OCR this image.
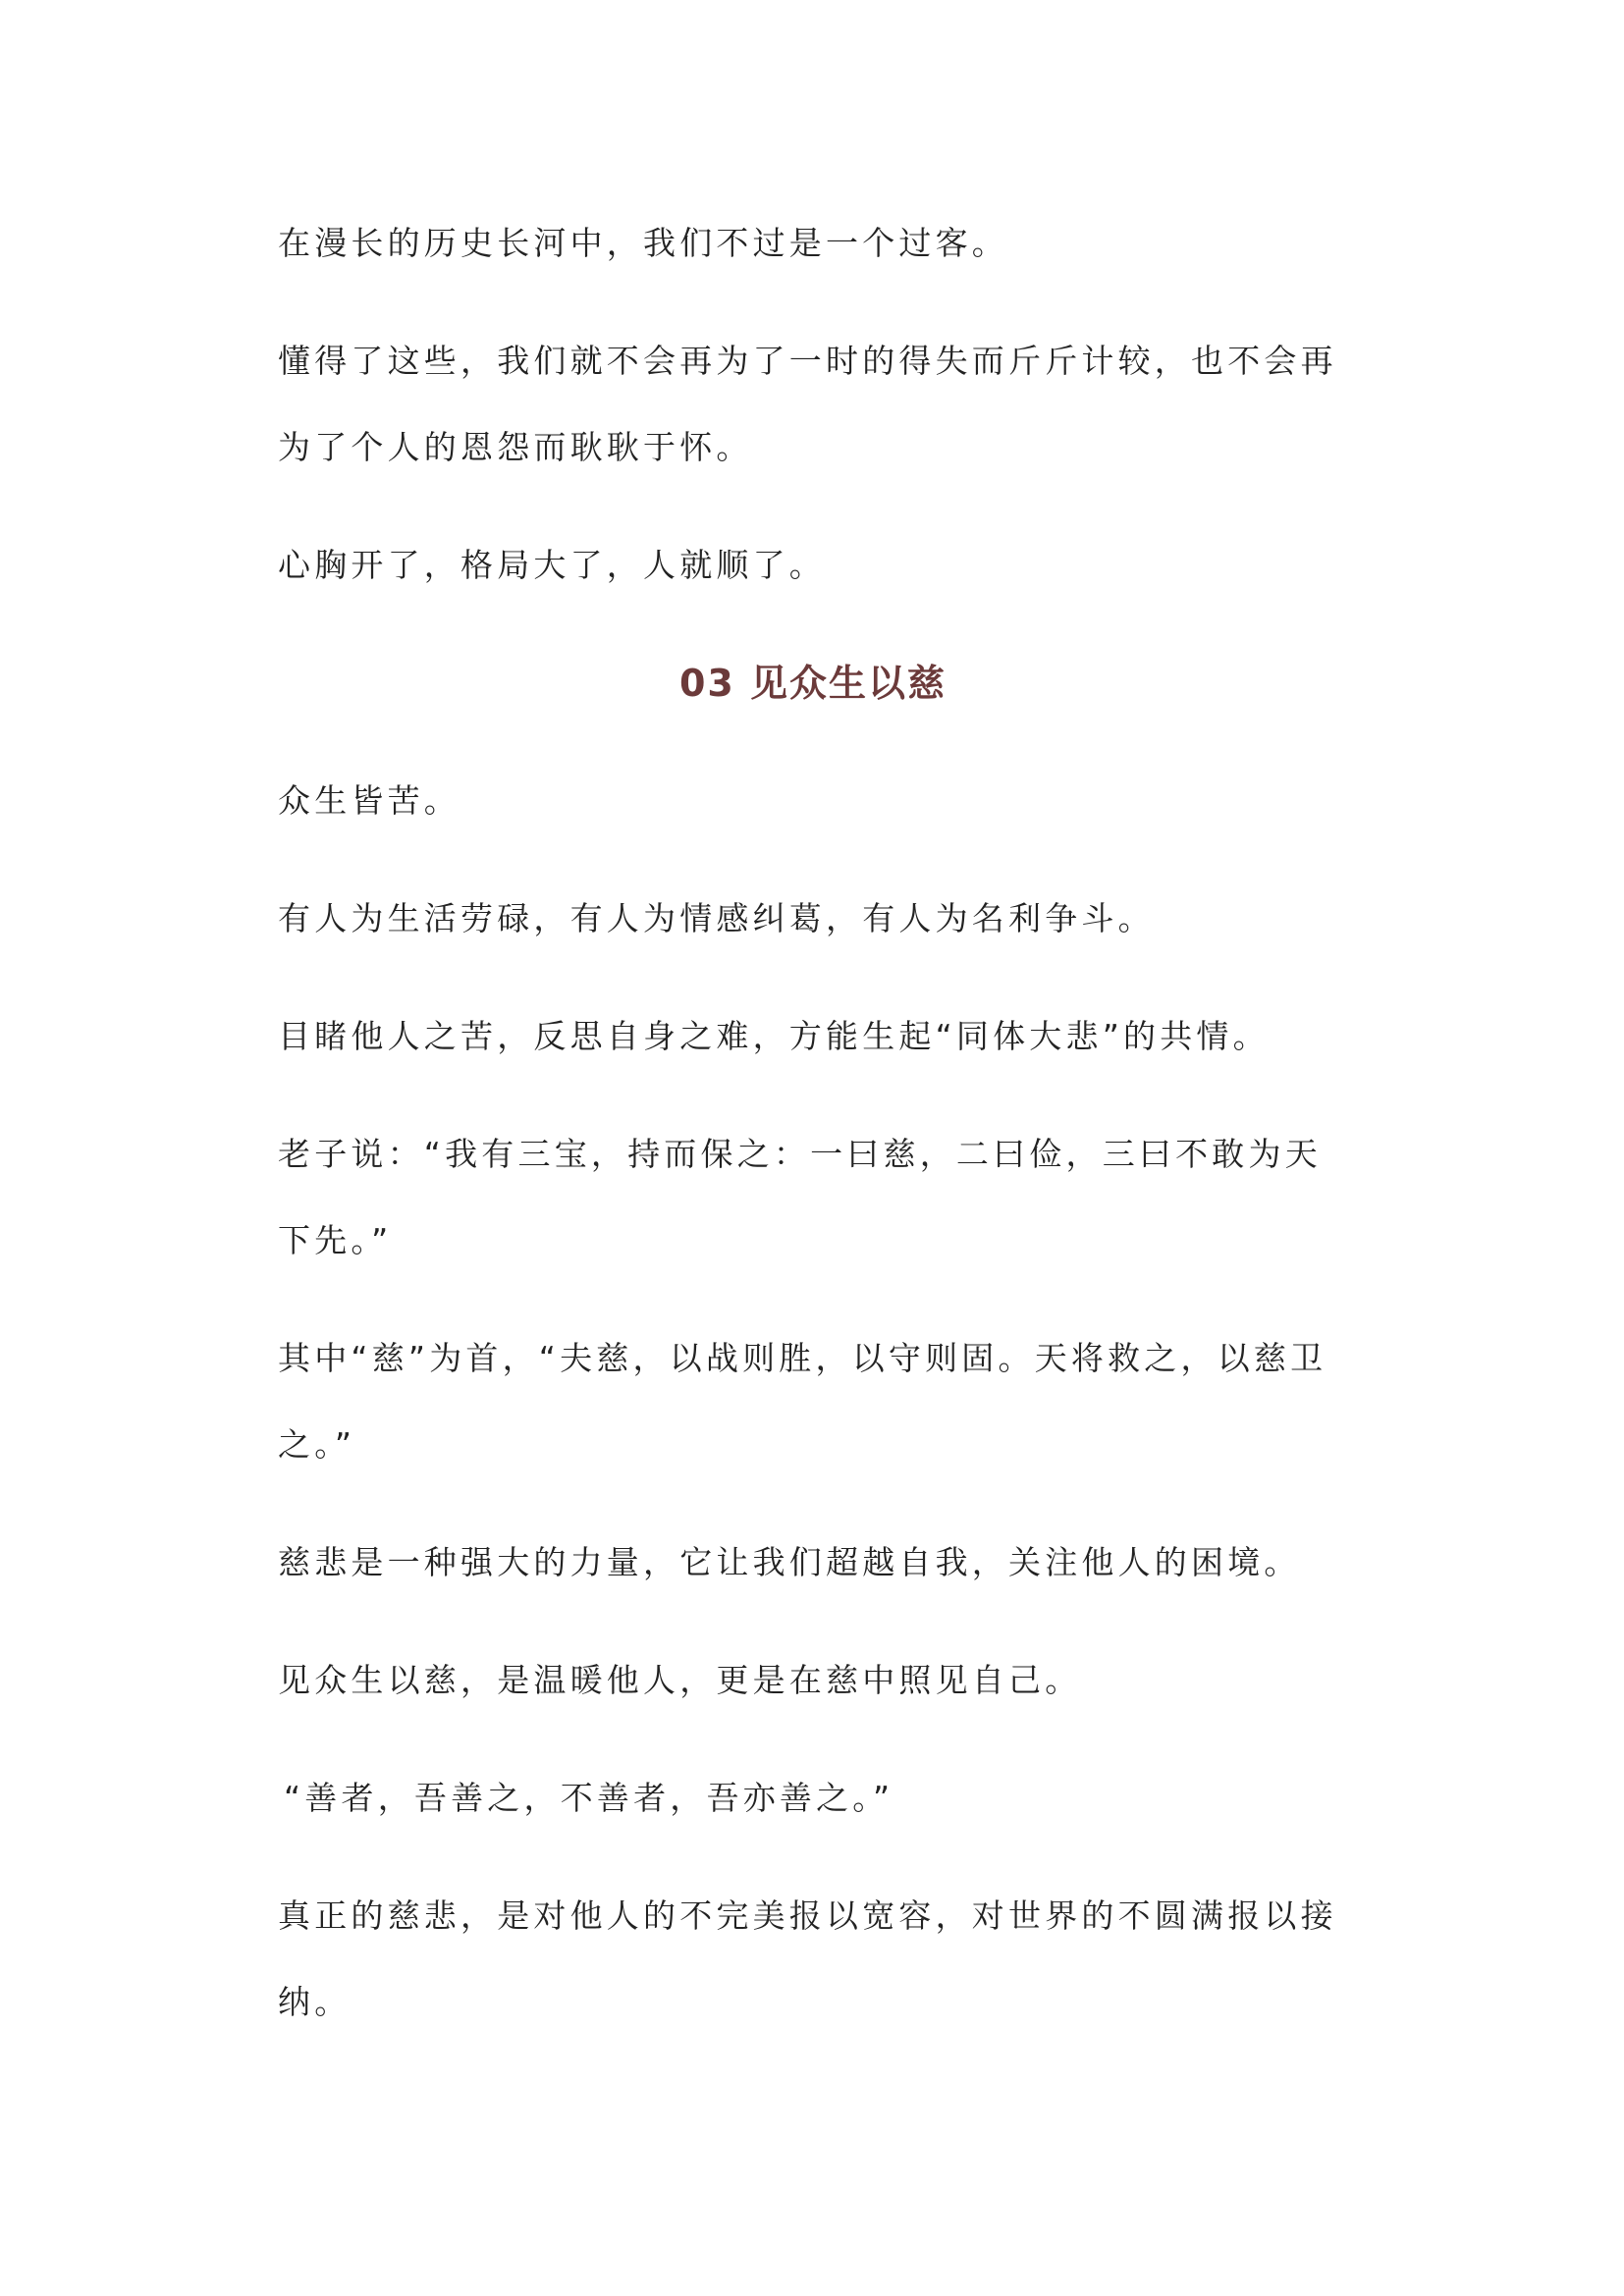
在漫长的历史长河中，我们不过是一个过客。

懂得了这些，我们就不会再为了一时的得失而斤斤计较，也不会再为了个人的恩怨而耿耿于怀。

心胸开了，格局大了，人就顺了。

03 见众生以慈

众生皆苦。

有人为生活劳碌，有人为情感纠葛，有人为名利争斗。

目睹他人之苦，反思自身之难，方能生起“同体大悲”的共情。

老子说：“我有三宝，持而保之：一曰慈，二曰俭，三曰不敢为天下先。”

其中“慈”为首，“夫慈，以战则胜，以守则固。天将救之，以慈卫之。”

慈悲是一种强大的力量，它让我们超越自我，关注他人的困境。

见众生以慈，是温暖他人，更是在慈中照见自己。

“善者，吾善之，不善者，吾亦善之。”

真正的慈悲，是对他人的不完美报以宽容，对世界的不圆满报以接纳。
